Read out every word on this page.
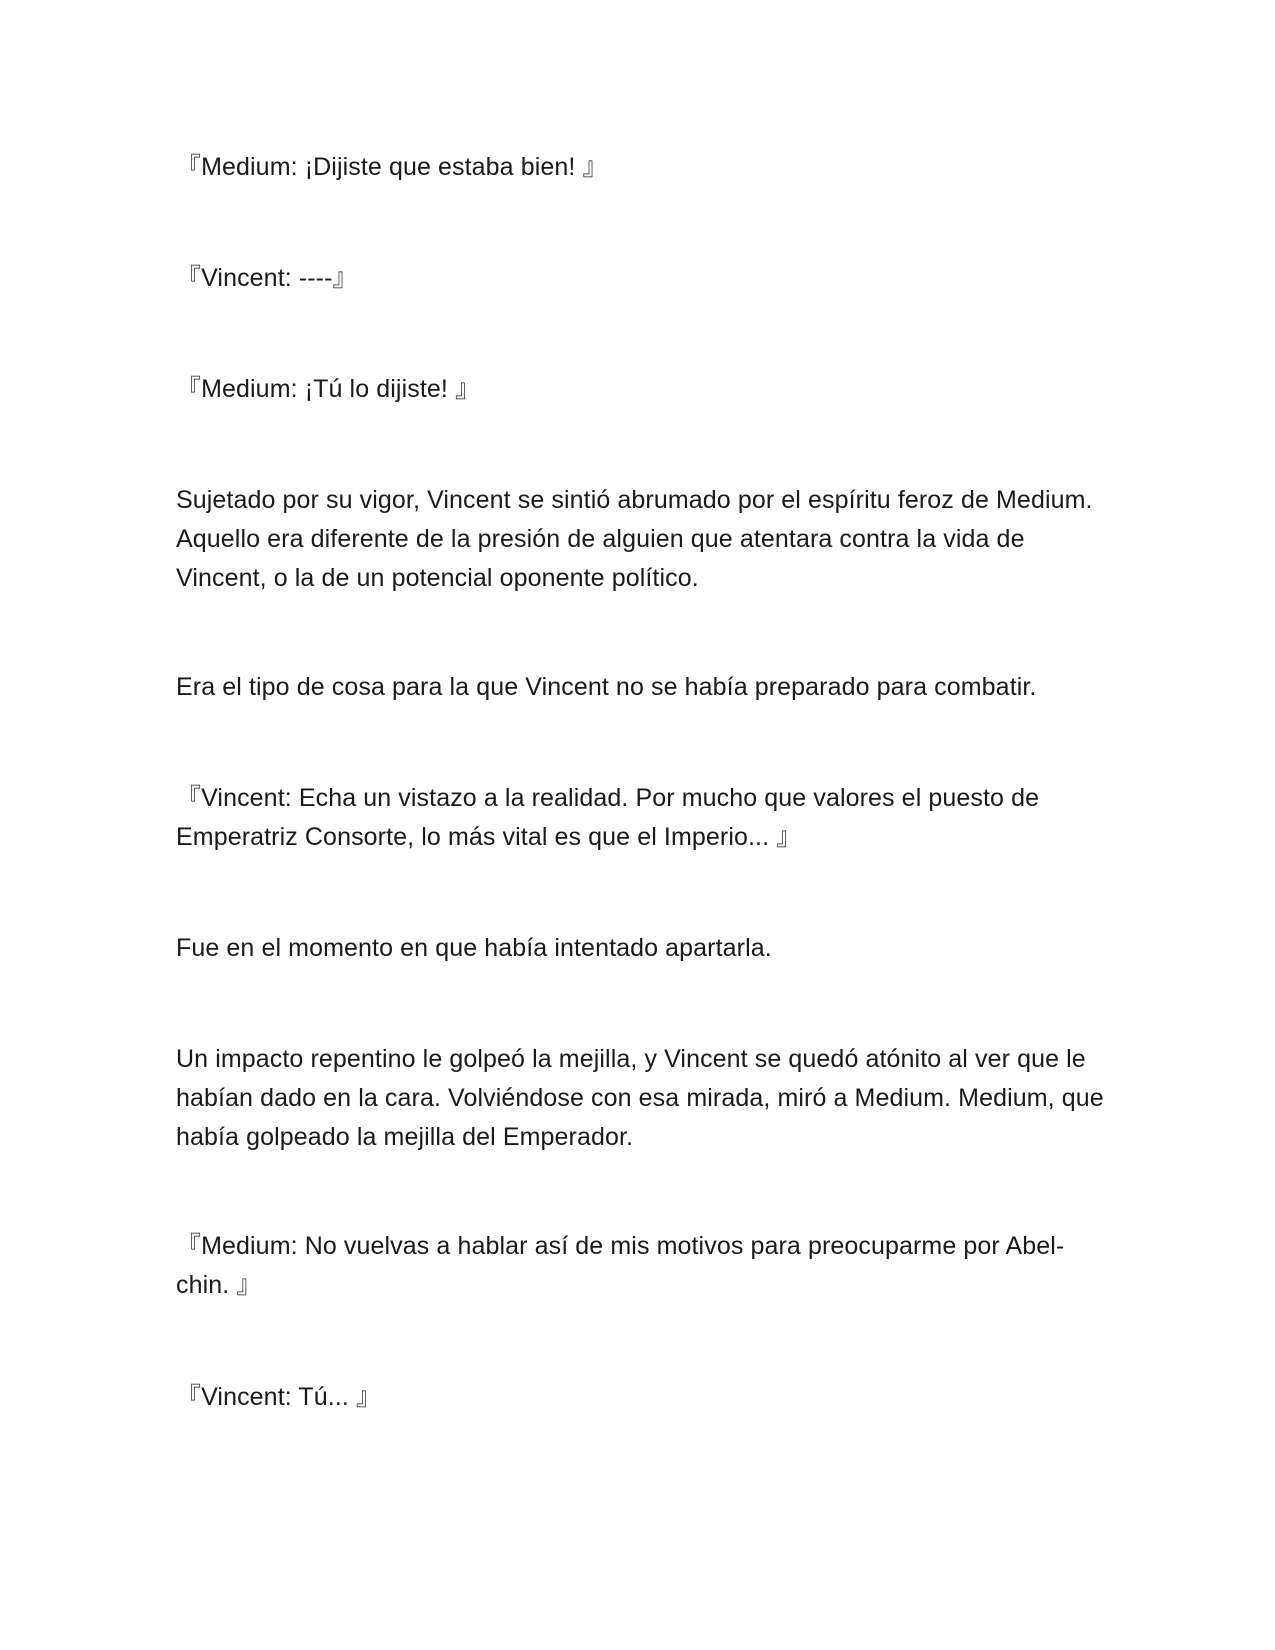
『Medium: ¡Dijiste que estaba bien! 』

『Vincent: ----』

『Medium: ¡Tú lo dijiste! 』

Sujetado por su vigor, Vincent se sintió abrumado por el espíritu feroz de Medium. Aquello era diferente de la presión de alguien que atentara contra la vida de Vincent, o la de un potencial oponente político.

Era el tipo de cosa para la que Vincent no se había preparado para combatir.

『Vincent: Echa un vistazo a la realidad. Por mucho que valores el puesto de Emperatriz Consorte, lo más vital es que el Imperio... 』

Fue en el momento en que había intentado apartarla.

Un impacto repentino le golpeó la mejilla, y Vincent se quedó atónito al ver que le habían dado en la cara. Volviéndose con esa mirada, miró a Medium. Medium, que había golpeado la mejilla del Emperador.

『Medium: No vuelvas a hablar así de mis motivos para preocuparme por Abel-chin. 』

『Vincent: Tú... 』
